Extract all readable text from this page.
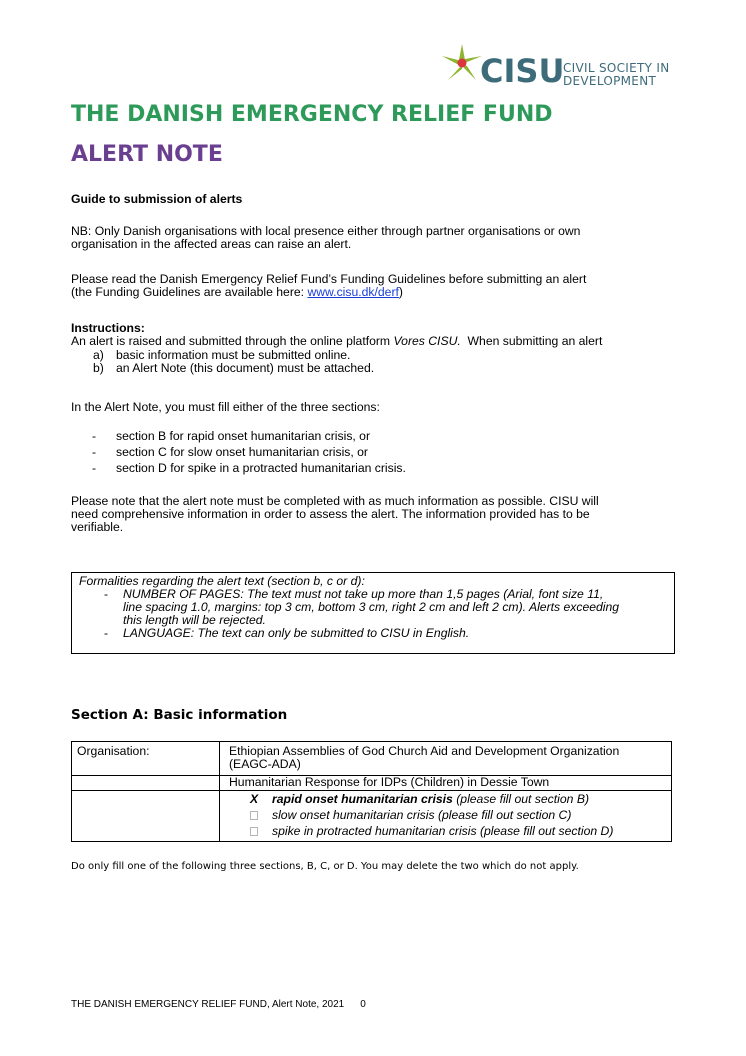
CISU
CIVIL SOCIETY IN
DEVELOPMENT
THE DANISH EMERGENCY RELIEF FUND
ALERT NOTE
Guide to submission of alerts
NB: Only Danish organisations with local presence either through partner organisations or own
organisation in the affected areas can raise an alert.
Please read the Danish Emergency Relief Fund’s Funding Guidelines before submitting an alert
(the Funding Guidelines are available here: www.cisu.dk/derf)
Instructions:
An alert is raised and submitted through the online platform Vores CISU.  When submitting an alert
a) basic information must be submitted online.
b) an Alert Note (this document) must be attached.
In the Alert Note, you must fill either of the three sections:
- section B for rapid onset humanitarian crisis, or
- section C for slow onset humanitarian crisis, or
- section D for spike in a protracted humanitarian crisis.
Please note that the alert note must be completed with as much information as possible. CISU will
need comprehensive information in order to assess the alert. The information provided has to be
verifiable.
Formalities regarding the alert text (section b, c or d):
- NUMBER OF PAGES: The text must not take up more than 1,5 pages (Arial, font size 11,
line spacing 1.0, margins: top 3 cm, bottom 3 cm, right 2 cm and left 2 cm). Alerts exceeding
this length will be rejected.
- LANGUAGE: The text can only be submitted to CISU in English.
Section A: Basic information
Organisation:	Ethiopian Assemblies of God Church Aid and Development Organization
(EAGC-ADA)
Humanitarian Response for IDPs (Children) in Dessie Town
X rapid onset humanitarian crisis (please fill out section B)
slow onset humanitarian crisis (please fill out section C)
spike in protracted humanitarian crisis (please fill out section D)
Do only fill one of the following three sections, B, C, or D. You may delete the two which do not apply.
THE DANISH EMERGENCY RELIEF FUND, Alert Note, 2021 0
